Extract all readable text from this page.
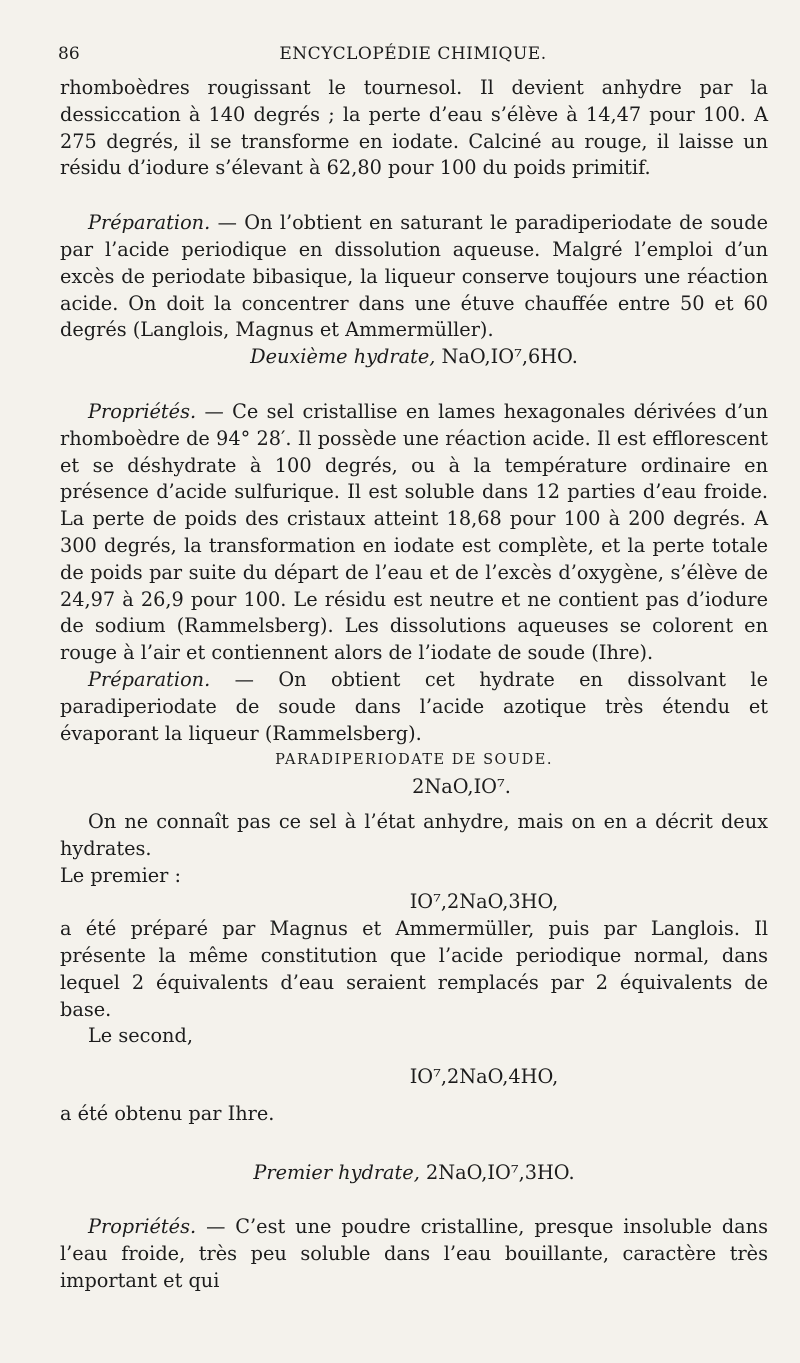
86	ENCYCLOPÉDIE CHIMIQUE.

rhomboèdres rougissant le tournesol. Il devient anhydre par la dessiccation à 140 degrés ; la perte d’eau s’élève à 14,47 pour 100. A 275 degrés, il se transforme en iodate. Calciné au rouge, il laisse un résidu d’iodure s’élevant à 62,80 pour 100 du poids primitif.

Préparation. — On l’obtient en saturant le paradiperiodate de soude par l’acide periodique en dissolution aqueuse. Malgré l’emploi d’un excès de periodate bibasique, la liqueur conserve toujours une réaction acide. On doit la concentrer dans une étuve chauffée entre 50 et 60 degrés (Langlois, Magnus et Ammermüller).

Deuxième hydrate, NaO,IO⁷,6HO.

Propriétés. — Ce sel cristallise en lames hexagonales dérivées d’un rhomboèdre de 94° 28′. Il possède une réaction acide. Il est efflorescent et se déshydrate à 100 degrés, ou à la température ordinaire en présence d’acide sulfurique. Il est soluble dans 12 parties d’eau froide. La perte de poids des cristaux atteint 18,68 pour 100 à 200 degrés. A 300 degrés, la transformation en iodate est complète, et la perte totale de poids par suite du départ de l’eau et de l’excès d’oxygène, s’élève de 24,97 à 26,9 pour 100. Le résidu est neutre et ne contient pas d’iodure de sodium (Rammelsberg). Les dissolutions aqueuses se colorent en rouge à l’air et contiennent alors de l’iodate de soude (Ihre).

Préparation. — On obtient cet hydrate en dissolvant le paradiperiodate de soude dans l’acide azotique très étendu et évaporant la liqueur (Rammelsberg).

PARADIPERIODATE DE SOUDE.

2NaO,IO⁷.

On ne connaît pas ce sel à l’état anhydre, mais on en a décrit deux hydrates.

Le premier :

IO⁷,2NaO,3HO,

a été préparé par Magnus et Ammermüller, puis par Langlois. Il présente la même constitution que l’acide periodique normal, dans lequel 2 équivalents d’eau seraient remplacés par 2 équivalents de base.

Le second,

IO⁷,2NaO,4HO,

a été obtenu par Ihre.

Premier hydrate, 2NaO,IO⁷,3HO.

Propriétés. — C’est une poudre cristalline, presque insoluble dans l’eau froide, très peu soluble dans l’eau bouillante, caractère très important et qui
